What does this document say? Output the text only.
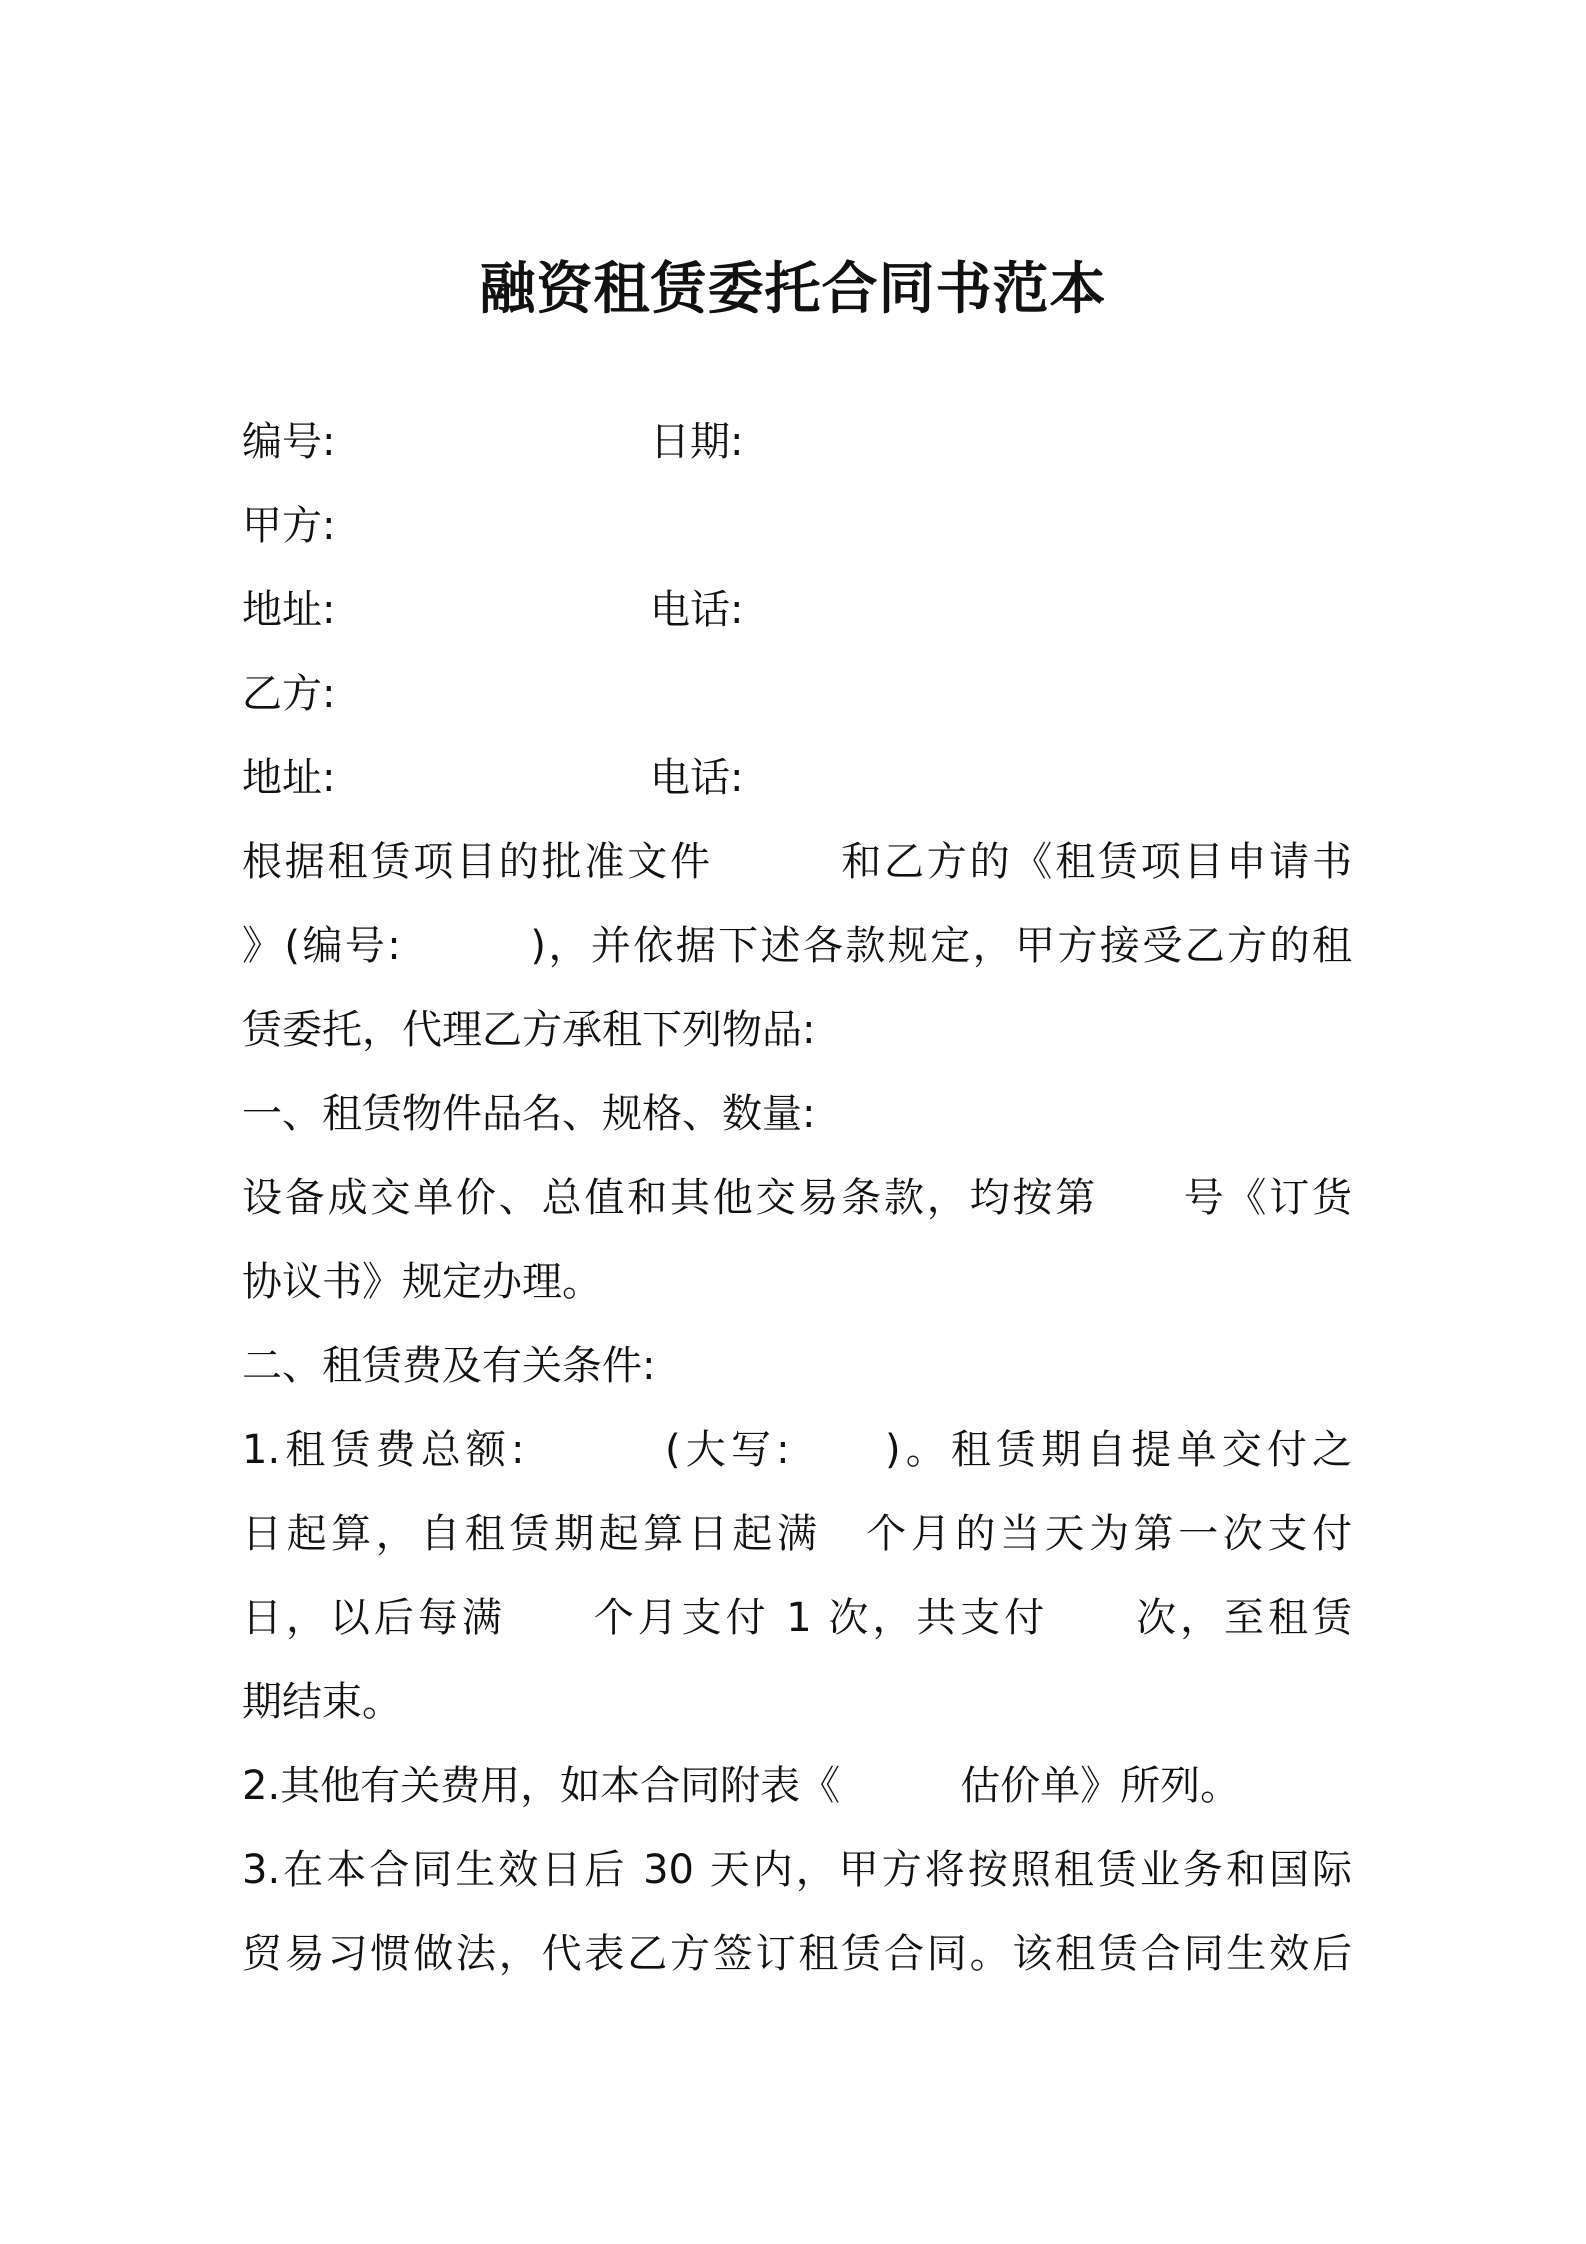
融资租赁委托合同书范本
编号:	日期:
甲方:
地址:	电话:
乙方:
地址:	电话:
根据租赁项目的批准文件　　　和乙方的《租赁项目申请书
》(编号:　　　)，并依据下述各款规定，甲方接受乙方的租
赁委托，代理乙方承租下列物品:
一、租赁物件品名、规格、数量:
设备成交单价、总值和其他交易条款，均按第　　号《订货
协议书》规定办理。
二、租赁费及有关条件:
1.租赁费总额:　　　(大写:　　)。租赁期自提单交付之
日起算，自租赁期起算日起满　个月的当天为第一次支付
日，以后每满　　个月支付 1 次，共支付　　次，至租赁
期结束。
2.其他有关费用，如本合同附表《　　　估价单》所列。
3.在本合同生效日后 30 天内，甲方将按照租赁业务和国际
贸易习惯做法，代表乙方签订租赁合同。该租赁合同生效后
